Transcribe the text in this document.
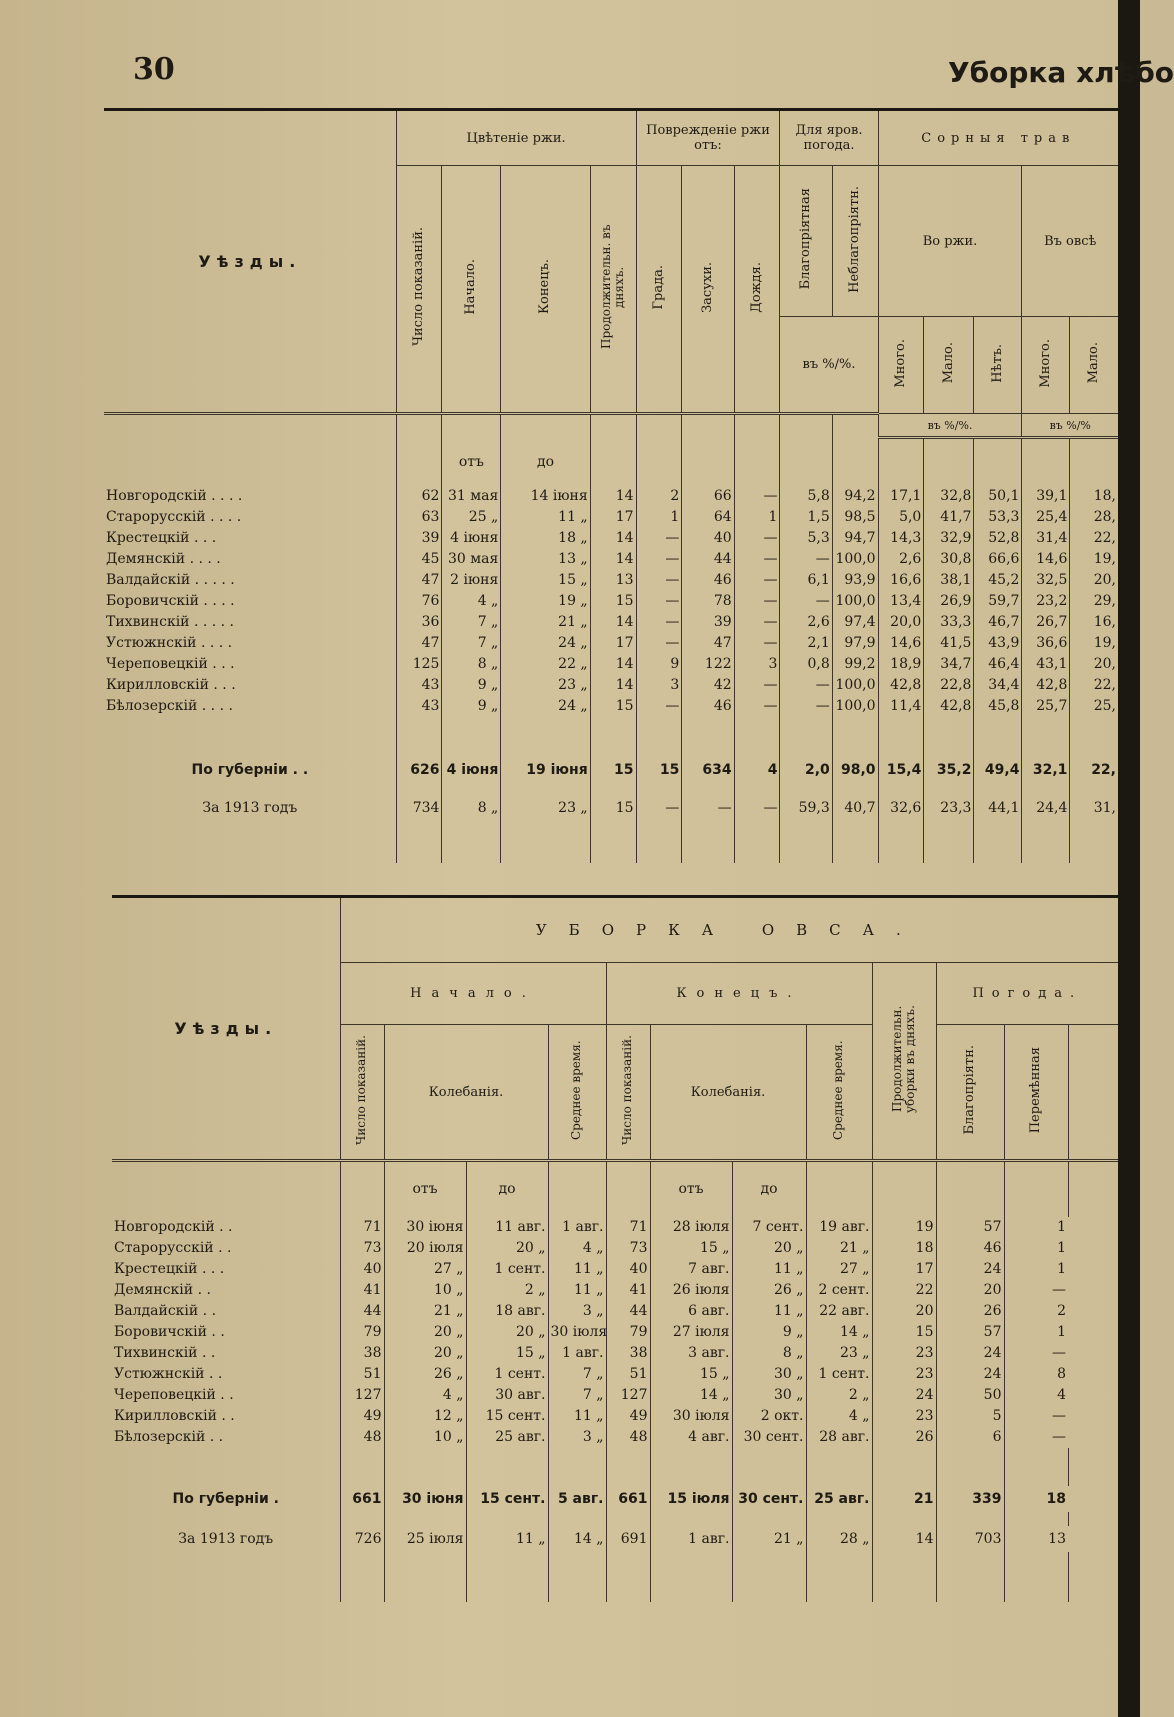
30	Уборка хлѣбо
Уѣзды.	Цвѣтеніе ржи.				Поврежденіе ржи отъ:			Для яров. погода.		Сорныя трав				
	Число показаній.	Начало.	Конецъ.	Продолжительн. въ дняхъ.	Града.	Засухи.	Дождя.	Благопріятная	Неблагопріятн.	Во ржи.			Въ овсѣ	
								въ %/%.		Много.	Мало.	Нѣтъ.	Много.	Мало.
										въ %/%.			въ %/%	
		отъ	до											
Новгородскій . . . .	62	31 мая	14 іюня	14	2	66	—	5,8	94,2	17,1	32,8	50,1	39,1	18,
Старорусскій . . . .	63	25 „	11 „	17	1	64	1	1,5	98,5	5,0	41,7	53,3	25,4	28,
Крестецкій . . .	39	4 іюня	18 „	14	—	40	—	5,3	94,7	14,3	32,9	52,8	31,4	22,
Демянскій . . . .	45	30 мая	13 „	14	—	44	—	—	100,0	2,6	30,8	66,6	14,6	19,
Валдайскій . . . . .	47	2 іюня	15 „	13	—	46	—	6,1	93,9	16,6	38,1	45,2	32,5	20,
Боровичскій . . . .	76	4 „	19 „	15	—	78	—	—	100,0	13,4	26,9	59,7	23,2	29,
Тихвинскій . . . . .	36	7 „	21 „	14	—	39	—	2,6	97,4	20,0	33,3	46,7	26,7	16,
Устюжнскій . . . .	47	7 „	24 „	17	—	47	—	2,1	97,9	14,6	41,5	43,9	36,6	19,
Череповецкій . . .	125	8 „	22 „	14	9	122	3	0,8	99,2	18,9	34,7	46,4	43,1	20,
Кирилловскій . . .	43	9 „	23 „	14	3	42	—	—	100,0	42,8	22,8	34,4	42,8	22,
Бѣлозерскій . . . .	43	9 „	24 „	15	—	46	—	—	100,0	11,4	42,8	45,8	25,7	25,

По губерніи . .	626	4 іюня	19 іюня	15	15	634	4	2,0	98,0	15,4	35,2	49,4	32,1	22,

За 1913 годъ	734	8 „	23 „	15	—	—	—	59,3	40,7	32,6	23,3	44,1	24,4	31,

Уѣзды.	УБОРКА ОВСА.											
	Начало.				Конецъ.				Продолжительн. уборки въ дняхъ.	Погода.		
	Число показаній.	Колебанія.		Среднее время.	Число показаній.	Колебанія.		Среднее время.		Благопріятн.	Перемѣнная	
		отъ	до			отъ	до					
Новгородскій . .	71	30 іюня	11 авг.	1 авг.	71	28 іюля	7 сент.	19 авг.	19	57	1	
Старорусскій . .	73	20 іюля	20 „	4 „	73	15 „	20 „	21 „	18	46	1	
Крестецкій . . .	40	27 „	1 сент.	11 „	40	7 авг.	11 „	27 „	17	24	1	
Демянскій . .	41	10 „	2 „	11 „	41	26 іюля	26 „	2 сент.	22	20	—	
Валдайскій . .	44	21 „	18 авг.	3 „	44	6 авг.	11 „	22 авг.	20	26	2	
Боровичскій . .	79	20 „	20 „	30 іюля	79	27 іюля	9 „	14 „	15	57	1	
Тихвинскій . .	38	20 „	15 „	1 авг.	38	3 авг.	8 „	23 „	23	24	—	
Устюжнскій . .	51	26 „	1 сент.	7 „	51	15 „	30 „	1 сент.	23	24	8	
Череповецкій . .	127	4 „	30 авг.	7 „	127	14 „	30 „	2 „	24	50	4	
Кирилловскій . .	49	12 „	15 сент.	11 „	49	30 іюля	2 окт.	4 „	23	5	—	
Бѣлозерскій . .	48	10 „	25 авг.	3 „	48	4 авг.	30 сент.	28 авг.	26	6	—	

По губерніи .	661	30 іюня	15 сент.	5 авг.	661	15 іюля	30 сент.	25 авг.	21	339	18	

За 1913 годъ	726	25 іюля	11 „	14 „	691	1 авг.	21 „	28 „	14	703	13	
